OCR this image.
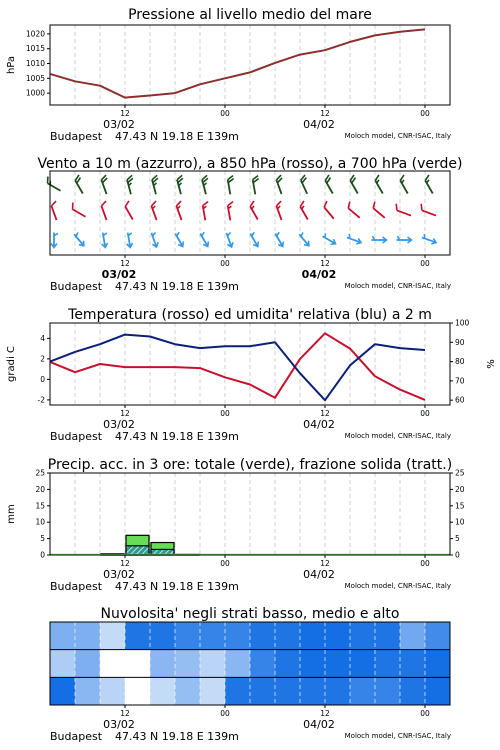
Pressione al livello medio del mare
1000
1005
1010
1015
1020
hPa
12	00	12	00
03/02	04/02
Budapest 47.43 N 19.18 E 139m	Moloch model, CNR-ISAC, Italy
Vento a 10 m (azzurro), a 850 hPa (rosso), a 700 hPa (verde)
12	00	12	00
03/02	04/02
Budapest 47.43 N 19.18 E 139m	Moloch model, CNR-ISAC, Italy
Temperatura (rosso) ed umidita' relativa (blu) a 2 m
-2
0
2
4
60
70
80
90
100
gradi C	%
12	00	12	00
03/02	04/02
Budapest 47.43 N 19.18 E 139m	Moloch model, CNR-ISAC, Italy
Precip. acc. in 3 ore: totale (verde), frazione solida (tratt.)
0
5
10
15
20
25
0
5
10
15
20
25
mm
12	00	12	00
03/02	04/02
Budapest 47.43 N 19.18 E 139m	Moloch model, CNR-ISAC, Italy
Nuvolosita' negli strati basso, medio e alto
12	00	12	00
03/02	04/02
Budapest 47.43 N 19.18 E 139m	Moloch model, CNR-ISAC, Italy
